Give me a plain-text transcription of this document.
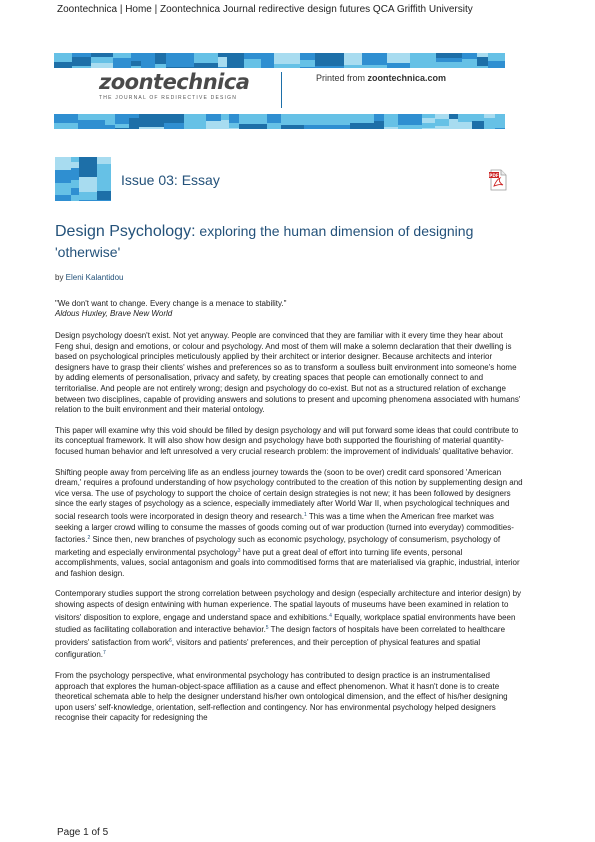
Zoontechnica | Home | Zoontechnica Journal redirective design futures QCA Griffith University
zoontechnica
THE JOURNAL OF REDIRECTIVE DESIGN
Printed from zoontechnica.com
Issue 03: Essay	PDF
Design Psychology: exploring the human dimension of designing 'otherwise'
by Eleni Kalantidou
"We don't want to change. Every change is a menace to stability."
Aldous Huxley, Brave New World

Design psychology doesn't exist. Not yet anyway. People are convinced that they are familiar with it every time they hear about Feng shui, design and emotions, or colour and psychology. And most of them will make a solemn declaration that their dwelling is based on psychological principles meticulously applied by their architect or interior designer. Because architects and interior designers have to grasp their clients' wishes and preferences so as to transform a soulless built environment into someone's home by adding elements of personalisation, privacy and safety, by creating spaces that people can emotionally connect to and territorialise. And people are not entirely wrong; design and psychology do co-exist. But not as a structured relation of exchange between two disciplines, capable of providing answers and solutions to present and upcoming phenomena associated with humans' relation to the built environment and their material ontology.

This paper will examine why this void should be filled by design psychology and will put forward some ideas that could contribute to its conceptual framework. It will also show how design and psychology have both supported the flourishing of material quantity-focused human behavior and left unresolved a very crucial research problem: the improvement of individuals' qualitative behavior.

Shifting people away from perceiving life as an endless journey towards the (soon to be over) credit card sponsored 'American dream,' requires a profound understanding of how psychology contributed to the creation of this notion by supplementing design and vice versa. The use of psychology to support the choice of certain design strategies is not new; it has been followed by designers since the early stages of psychology as a science, especially immediately after World War II, when psychological techniques and social research tools were incorporated in design theory and research.$^1$ This was a time when the American free market was seeking a larger crowd willing to consume the masses of goods coming out of war production (turned into everyday) commodities-factories.$^2$ Since then, new branches of psychology such as economic psychology, psychology of consumerism, psychology of marketing and especially environmental psychology$^3$ have put a great deal of effort into turning life events, personal accomplishments, values, social antagonism and goals into commoditised forms that are materialised via graphic, industrial, interior and fashion design.

Contemporary studies support the strong correlation between psychology and design (especially architecture and interior design) by showing aspects of design entwining with human experience. The spatial layouts of museums have been examined in relation to visitors' disposition to explore, engage and understand space and exhibitions.$^4$ Equally, workplace spatial environments have been studied as facilitating collaboration and interactive behavior.$^5$ The design factors of hospitals have been correlated to healthcare providers' satisfaction from work$^6$, visitors and patients' preferences, and their perception of physical features and spatial configuration.$^7$

From the psychology perspective, what environmental psychology has contributed to design practice is an instrumentalised approach that explores the human-object-space affiliation as a cause and effect phenomenon. What it hasn't done is to create theoretical schemata able to help the designer understand his/her own ontological dimension, and the effect of his/her designing upon users' self-knowledge, orientation, self-reflection and contingency. Nor has environmental psychology helped designers recognise their capacity for redesigning the

Page 1 of 5
